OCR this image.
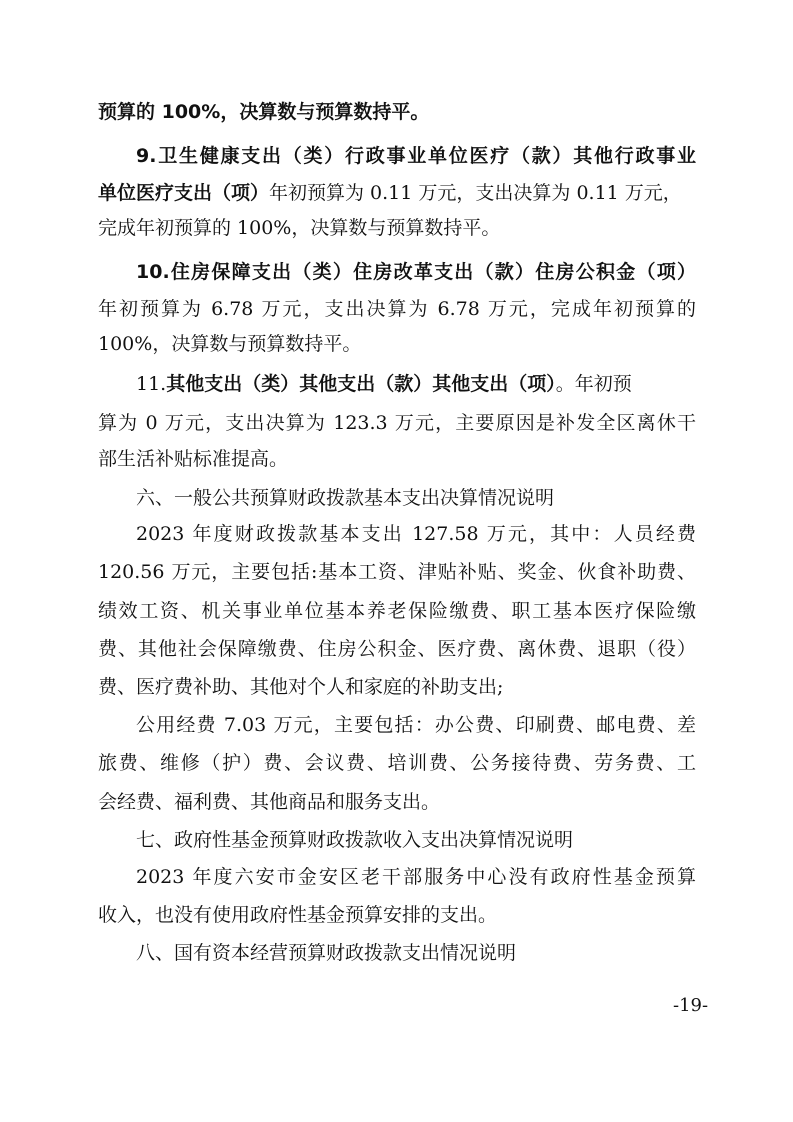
预算的 100%，决算数与预算数持平。
9.卫生健康支出（类）行政事业单位医疗（款）其他行政事业
单位医疗支出（项）年初预算为 0.11 万元，支出决算为 0.11 万元，
完成年初预算的 100%，决算数与预算数持平。
10.住房保障支出（类）住房改革支出（款）住房公积金（项）
年初预算为 6.78 万元，支出决算为 6.78 万元，完成年初预算的
100%，决算数与预算数持平。
11.其他支出（类）其他支出（款）其他支出（项）。年初预
算为 0 万元，支出决算为 123.3 万元，主要原因是补发全区离休干
部生活补贴标准提高。
六、一般公共预算财政拨款基本支出决算情况说明
2023 年度财政拨款基本支出 127.58 万元，其中：人员经费
120.56 万元，主要包括:基本工资、津贴补贴、奖金、伙食补助费、
绩效工资、机关事业单位基本养老保险缴费、职工基本医疗保险缴
费、其他社会保障缴费、住房公积金、医疗费、离休费、退职（役）
费、医疗费补助、其他对个人和家庭的补助支出;
公用经费 7.03 万元，主要包括：办公费、印刷费、邮电费、差
旅费、维修（护）费、会议费、培训费、公务接待费、劳务费、工
会经费、福利费、其他商品和服务支出。
七、政府性基金预算财政拨款收入支出决算情况说明
2023 年度六安市金安区老干部服务中心没有政府性基金预算
收入，也没有使用政府性基金预算安排的支出。
八、国有资本经营预算财政拨款支出情况说明
-19-
